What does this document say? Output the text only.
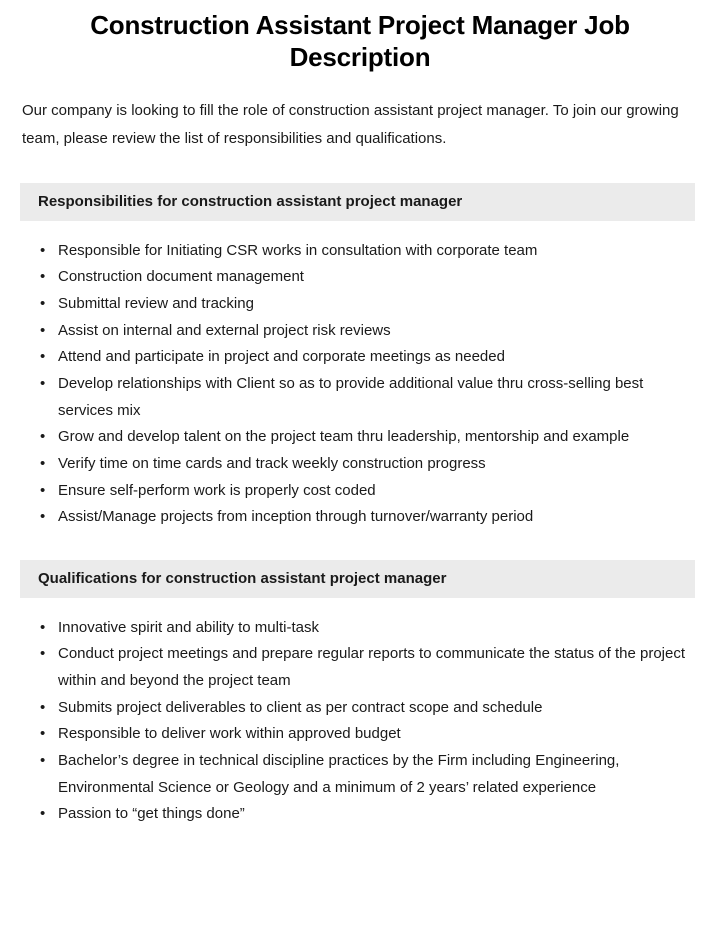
Construction Assistant Project Manager Job Description

Our company is looking to fill the role of construction assistant project manager. To join our growing team, please review the list of responsibilities and qualifications.

Responsibilities for construction assistant project manager
• Responsible for Initiating CSR works in consultation with corporate team
• Construction document management
• Submittal review and tracking
• Assist on internal and external project risk reviews
• Attend and participate in project and corporate meetings as needed
• Develop relationships with Client so as to provide additional value thru cross-selling best services mix
• Grow and develop talent on the project team thru leadership, mentorship and example
• Verify time on time cards and track weekly construction progress
• Ensure self-perform work is properly cost coded
• Assist/Manage projects from inception through turnover/warranty period
Qualifications for construction assistant project manager
• Innovative spirit and ability to multi-task
• Conduct project meetings and prepare regular reports to communicate the status of the project within and beyond the project team
• Submits project deliverables to client as per contract scope and schedule
• Responsible to deliver work within approved budget
• Bachelor’s degree in technical discipline practices by the Firm including Engineering, Environmental Science or Geology and a minimum of 2 years’ related experience
• Passion to “get things done”
